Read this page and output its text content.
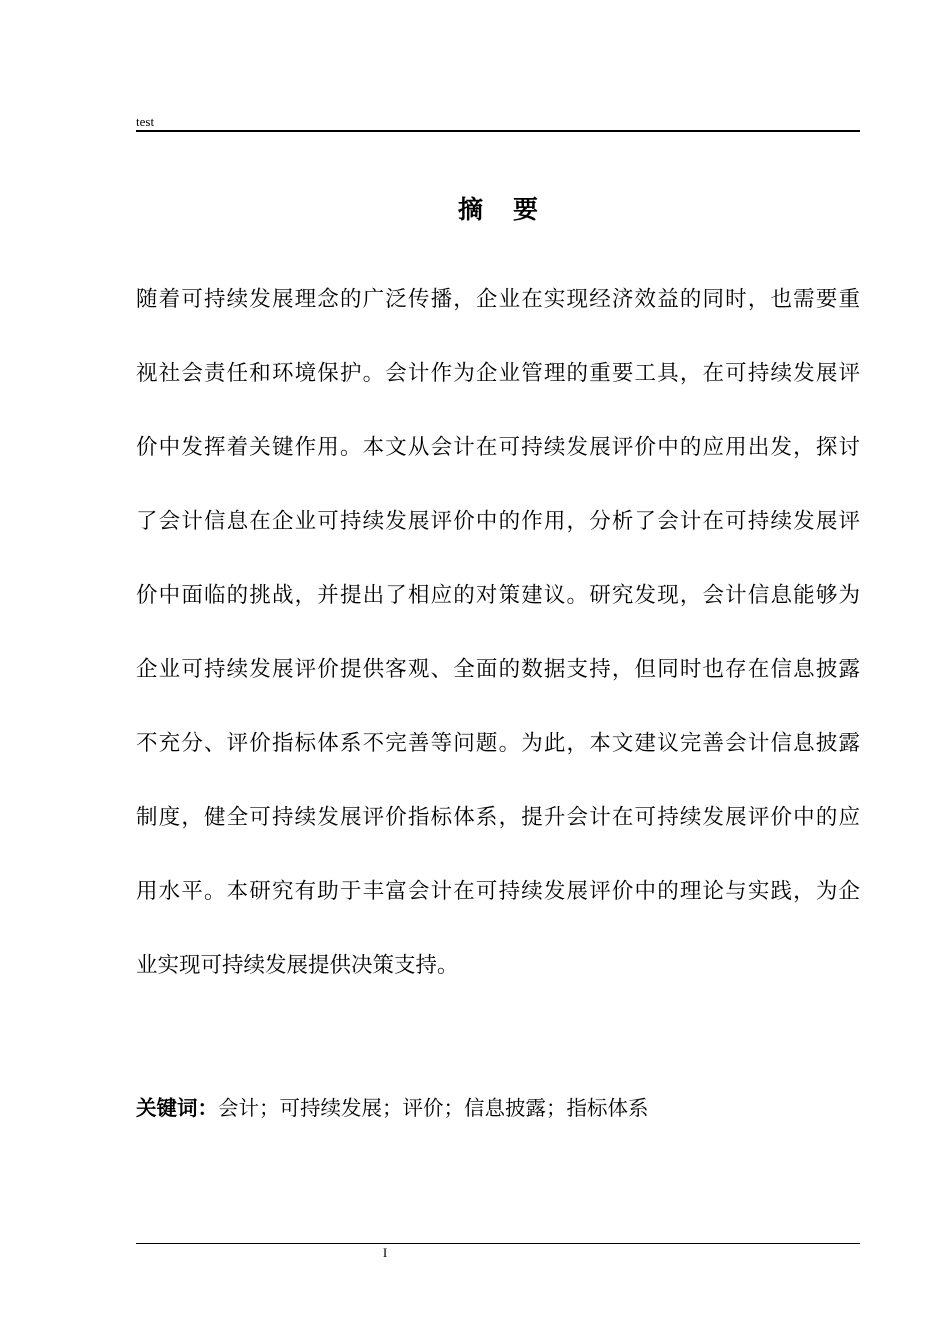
test
摘 要
随着可持续发展理念的广泛传播，企业在实现经济效益的同时，也需要重
视社会责任和环境保护。会计作为企业管理的重要工具，在可持续发展评
价中发挥着关键作用。本文从会计在可持续发展评价中的应用出发，探讨
了会计信息在企业可持续发展评价中的作用，分析了会计在可持续发展评
价中面临的挑战，并提出了相应的对策建议。研究发现，会计信息能够为
企业可持续发展评价提供客观、全面的数据支持，但同时也存在信息披露
不充分、评价指标体系不完善等问题。为此，本文建议完善会计信息披露
制度，健全可持续发展评价指标体系，提升会计在可持续发展评价中的应
用水平。本研究有助于丰富会计在可持续发展评价中的理论与实践，为企
业实现可持续发展提供决策支持。
关键词：会计；可持续发展；评价；信息披露；指标体系
I
